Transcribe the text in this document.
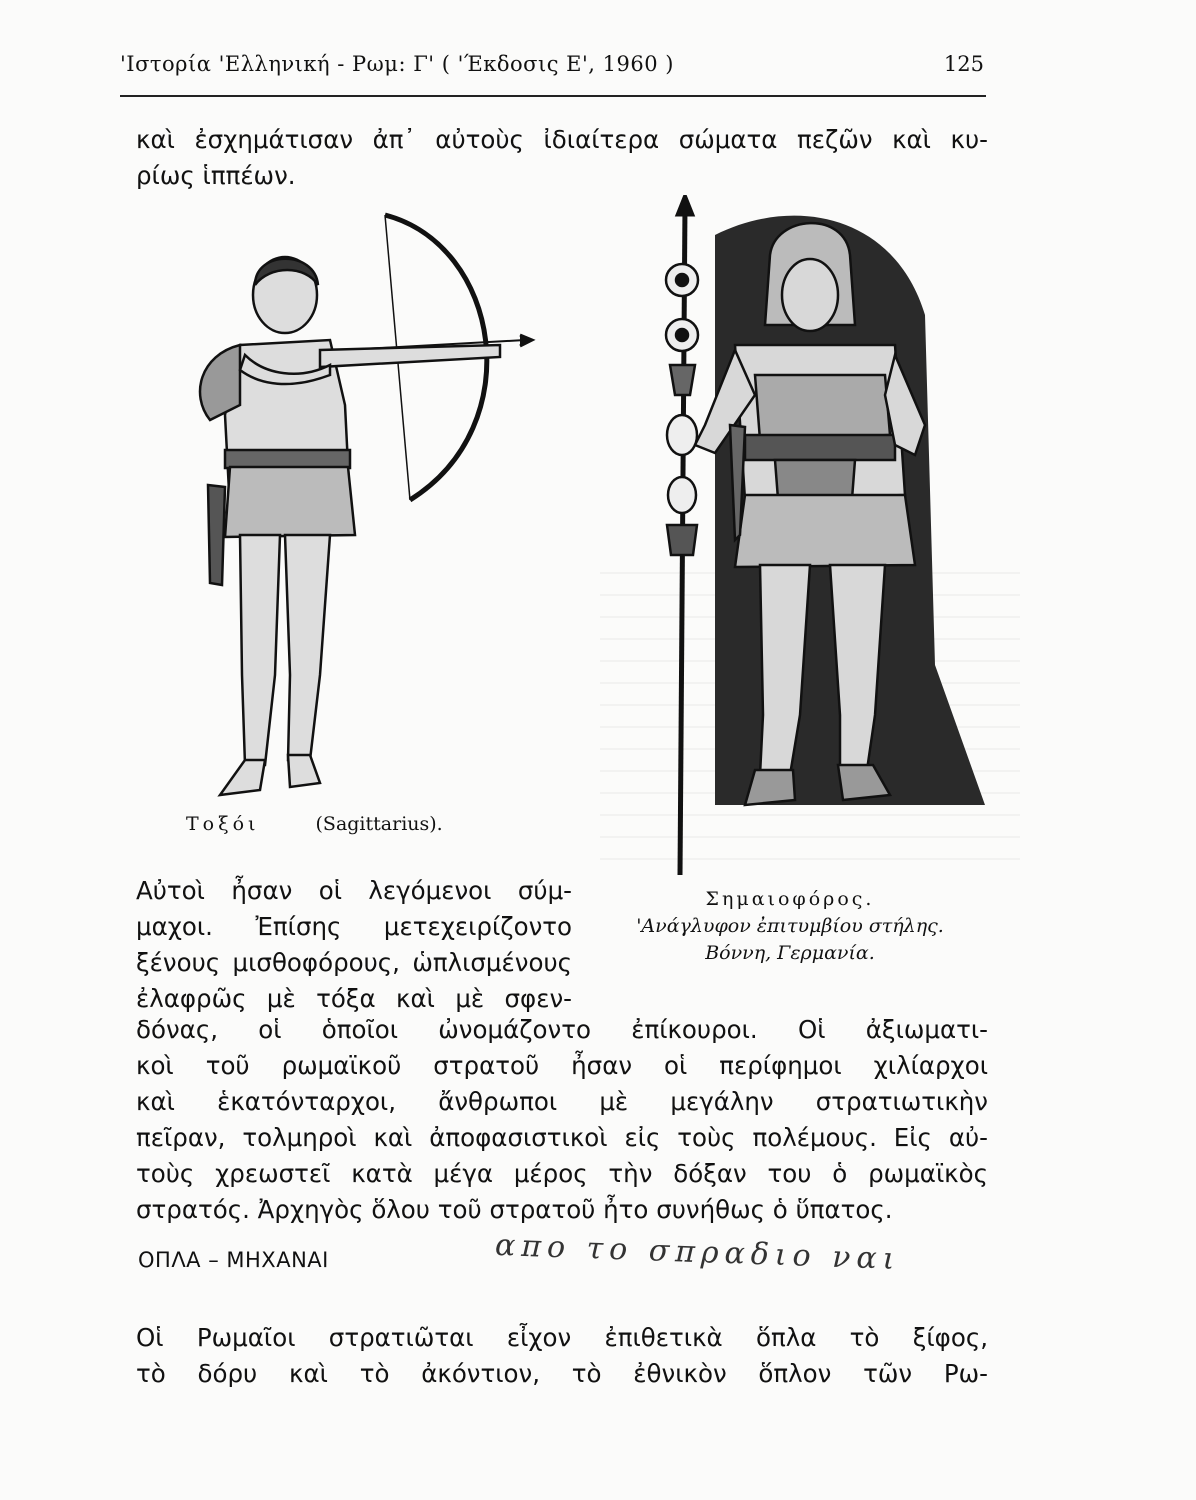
'Ιστορία 'Ελληνική - Ρωμ: Γ' ( 'Έκδοσις Ε', 1960 )	125
καὶ ἐσχημάτισαν ἀπ᾽ αὐτοὺς ἰδιαίτερα σώματα πεζῶν καὶ κυ-
ρίως ἱππέων.
Τοξόι	(Sagittarius).
Σημαιοφόρος.
'Ανάγλυφον ἐπιτυμβίου στήλης.
Βόννη, Γερμανία.
Αὐτοὶ ἦσαν οἱ λεγόμενοι σύμ-
μαχοι. Ἐπίσης μετεχειρίζοντο
ξένους μισθοφόρους, ὡπλισμένους
ἐλαφρῶς μὲ τόξα καὶ μὲ σφεν-
δόνας, οἱ ὁποῖοι ὠνομάζοντο ἐπίκουροι. Οἱ ἀξιωματι-
κοὶ τοῦ ρωμαϊκοῦ στρατοῦ ἦσαν οἱ περίφημοι χιλίαρχοι
καὶ ἑκατόνταρχοι, ἄνθρωποι μὲ μεγάλην στρατιωτικὴν
πεῖραν, τολμηροὶ καὶ ἀποφασιστικοὶ εἰς τοὺς πολέμους. Εἰς αὐ-
τοὺς χρεωστεῖ κατὰ μέγα μέρος τὴν δόξαν του ὁ ρωμαϊκὸς
στρατός. Ἀρχηγὸς ὅλου τοῦ στρατοῦ ἦτο συνήθως ὁ ὕπατος.
ΟΠΛΑ – ΜΗΧΑΝΑΙ	απο το σπραδιο ναι
Οἱ Ρωμαῖοι στρατιῶται εἶχον ἐπιθετικὰ ὅπλα τὸ ξίφος,
τὸ δόρυ καὶ τὸ ἀκόντιον, τὸ ἐθνικὸν ὅπλον τῶν Ρω-
